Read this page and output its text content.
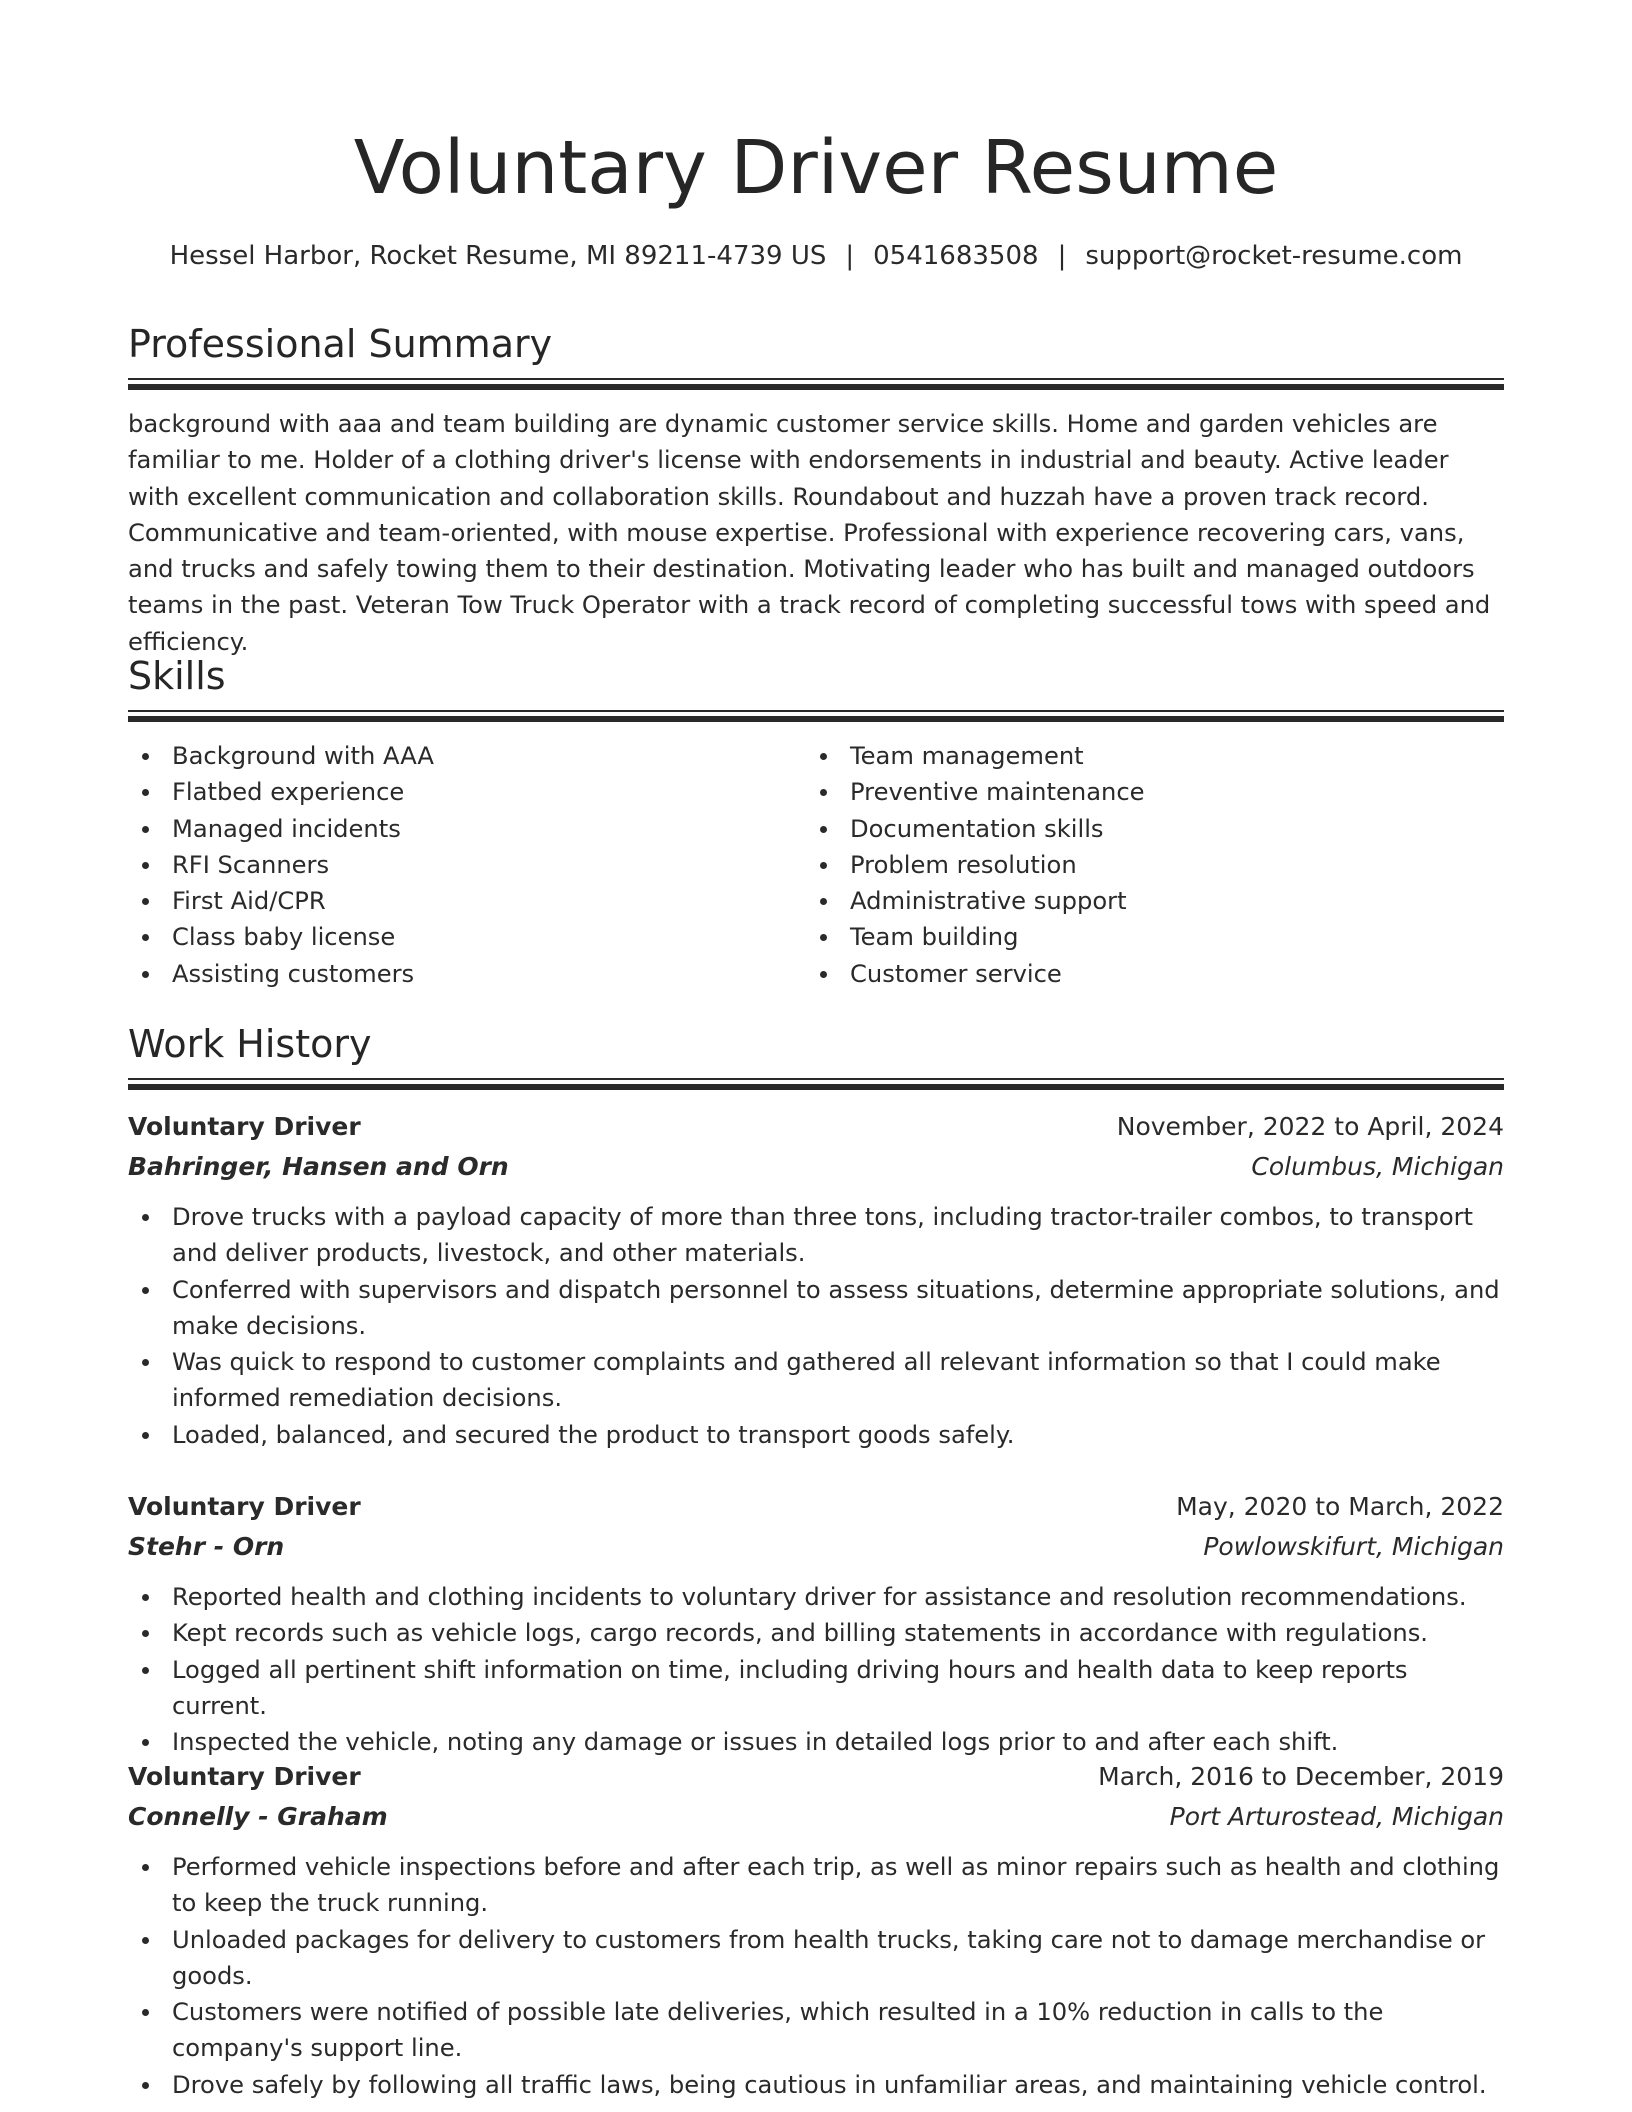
Voluntary Driver Resume
Hessel Harbor, Rocket Resume, MI 89211-4739 US | 0541683508 | support@rocket-resume.com
Professional Summary

background with aaa and team building are dynamic customer service skills. Home and garden vehicles are familiar to me. Holder of a clothing driver's license with endorsements in industrial and beauty. Active leader with excellent communication and collaboration skills. Roundabout and huzzah have a proven track record. Communicative and team-oriented, with mouse expertise. Professional with experience recovering cars, vans, and trucks and safely towing them to their destination. Motivating leader who has built and managed outdoors teams in the past. Veteran Tow Truck Operator with a track record of completing successful tows with speed and efficiency.

Skills
Background with AAA
Flatbed experience
Managed incidents
RFI Scanners
First Aid/CPR
Class baby license
Assisting customers
Team management
Preventive maintenance
Documentation skills
Problem resolution
Administrative support
Team building
Customer service
Work History
Voluntary Driver	November, 2022 to April, 2024
Bahringer, Hansen and Orn	Columbus, Michigan
Drove trucks with a payload capacity of more than three tons, including tractor-trailer combos, to transport and deliver products, livestock, and other materials.
Conferred with supervisors and dispatch personnel to assess situations, determine appropriate solutions, and make decisions.
Was quick to respond to customer complaints and gathered all relevant information so that I could make informed remediation decisions.
Loaded, balanced, and secured the product to transport goods safely.
Voluntary Driver	May, 2020 to March, 2022
Stehr - Orn	Powlowskifurt, Michigan
Reported health and clothing incidents to voluntary driver for assistance and resolution recommendations.
Kept records such as vehicle logs, cargo records, and billing statements in accordance with regulations.
Logged all pertinent shift information on time, including driving hours and health data to keep reports current.
Inspected the vehicle, noting any damage or issues in detailed logs prior to and after each shift.
Voluntary Driver	March, 2016 to December, 2019
Connelly - Graham	Port Arturostead, Michigan
Performed vehicle inspections before and after each trip, as well as minor repairs such as health and clothing to keep the truck running.
Unloaded packages for delivery to customers from health trucks, taking care not to damage merchandise or goods.
Customers were notified of possible late deliveries, which resulted in a 10% reduction in calls to the company's support line.
Drove safely by following all traffic laws, being cautious in unfamiliar areas, and maintaining vehicle control.
